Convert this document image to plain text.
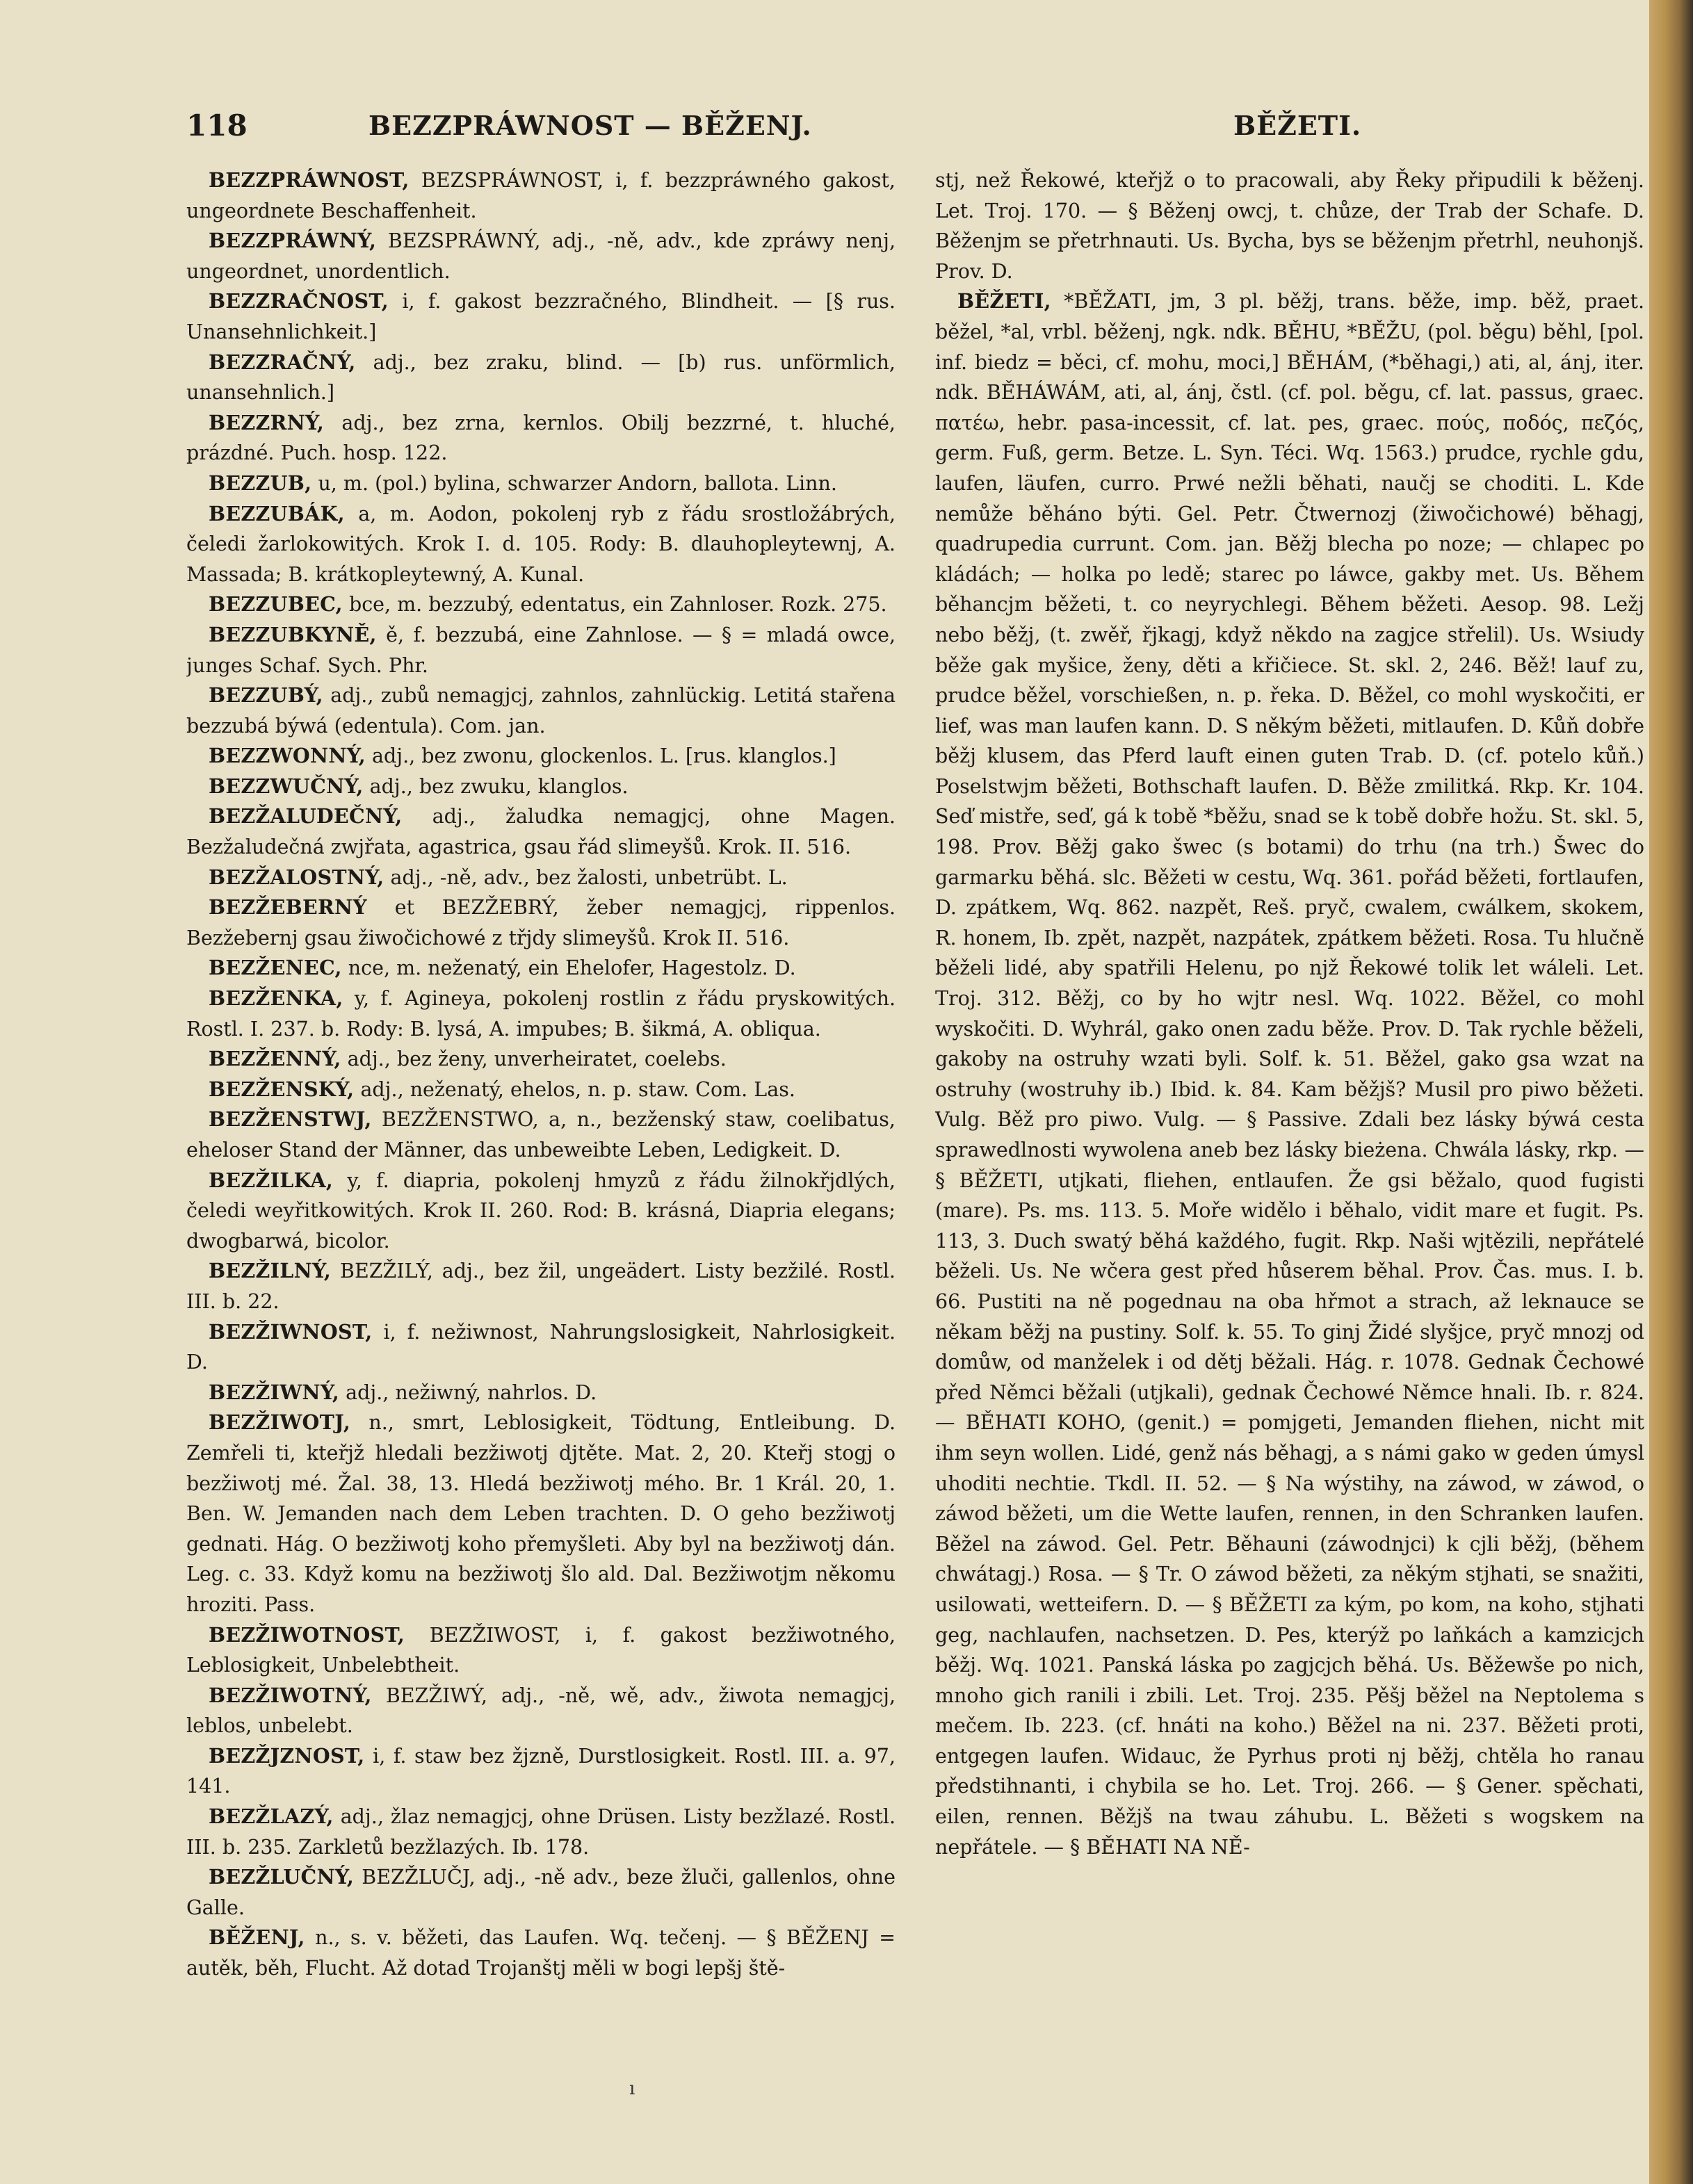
118	BEZZPRÁWNOST — BĚŽENJ.	BĚŽETI.

BEZZPRÁWNOST, BEZSPRÁWNOST, i, f. bezzpráwného gakost, ungeordnete Beschaffenheit.

BEZZPRÁWNÝ, BEZSPRÁWNÝ, adj., -ně, adv., kde zpráwy nenj, ungeordnet, unordentlich.

BEZZRAČNOST, i, f. gakost bezzračného, Blindheit. — [§ rus. Unansehnlichkeit.]

BEZZRAČNÝ, adj., bez zraku, blind. — [b) rus. unförmlich, unansehnlich.]

BEZZRNÝ, adj., bez zrna, kernlos. Obilj bezzrné, t. hluché, prázdné. Puch. hosp. 122.

BEZZUB, u, m. (pol.) bylina, schwarzer Andorn, ballota. Linn.

BEZZUBÁK, a, m. Aodon, pokolenj ryb z řádu srostložábrých, čeledi žarlokowitých. Krok I. d. 105. Rody: B. dlauhopleytewnj, A. Massada; B. krátkopleytewný, A. Kunal.

BEZZUBEC, bce, m. bezzubý, edentatus, ein Zahnloser. Rozk. 275.

BEZZUBKYNĚ, ě, f. bezzubá, eine Zahnlose. — § = mladá owce, junges Schaf. Sych. Phr.

BEZZUBÝ, adj., zubů nemagjcj, zahnlos, zahnlückig. Letitá stařena bezzubá býwá (edentula). Com. jan.

BEZZWONNÝ, adj., bez zwonu, glockenlos. L. [rus. klanglos.]

BEZZWUČNÝ, adj., bez zwuku, klanglos.

BEZŽALUDEČNÝ, adj., žaludka nemagjcj, ohne Magen. Bezžaludečná zwjřata, agastrica, gsau řád slimeyšů. Krok. II. 516.

BEZŽALOSTNÝ, adj., -ně, adv., bez žalosti, unbetrübt. L.

BEZŽEBERNÝ et BEZŽEBRÝ, žeber nemagjcj, rippenlos. Bezžebernj gsau žiwočichowé z třjdy slimeyšů. Krok II. 516.

BEZŽENEC, nce, m. neženatý, ein Ehelofer, Hagestolz. D.

BEZŽENKA, y, f. Agineya, pokolenj rostlin z řádu pryskowitých. Rostl. I. 237. b. Rody: B. lysá, A. impubes; B. šikmá, A. obliqua.

BEZŽENNÝ, adj., bez ženy, unverheiratet, coelebs.

BEZŽENSKÝ, adj., neženatý, ehelos, n. p. staw. Com. Las.

BEZŽENSTWJ, BEZŽENSTWO, a, n., bezženský staw, coelibatus, eheloser Stand der Männer, das unbeweibte Leben, Ledigkeit. D.

BEZŽILKA, y, f. diapria, pokolenj hmyzů z řádu žilnokřjdlých, čeledi weyřitkowitých. Krok II. 260. Rod: B. krásná, Diapria elegans; dwogbarwá, bicolor.

BEZŽILNÝ, BEZŽILÝ, adj., bez žil, ungeädert. Listy bezžilé. Rostl. III. b. 22.

BEZŽIWNOST, i, f. nežiwnost, Nahrungslosigkeit, Nahrlosigkeit. D.

BEZŽIWNÝ, adj., nežiwný, nahrlos. D.

BEZŽIWOTJ, n., smrt, Leblosigkeit, Tödtung, Entleibung. D. Zemřeli ti, kteřjž hledali bezžiwotj djtěte. Mat. 2, 20. Kteřj stogj o bezžiwotj mé. Žal. 38, 13. Hledá bezžiwotj mého. Br. 1 Král. 20, 1. Ben. W. Jemanden nach dem Leben trachten. D. O geho bezžiwotj gednati. Hág. O bezžiwotj koho přemyšleti. Aby byl na bezžiwotj dán. Leg. c. 33. Když komu na bezžiwotj šlo ald. Dal. Bezžiwotjm někomu hroziti. Pass.

BEZŽIWOTNOST, BEZŽIWOST, i, f. gakost bezžiwotného, Leblosigkeit, Unbelebtheit.

BEZŽIWOTNÝ, BEZŽIWÝ, adj., -ně, wě, adv., žiwota nemagjcj, leblos, unbelebt.

BEZŽJZNOST, i, f. staw bez žjzně, Durstlosigkeit. Rostl. III. a. 97, 141.

BEZŽLAZÝ, adj., žlaz nemagjcj, ohne Drüsen. Listy bezžlazé. Rostl. III. b. 235. Zarkletů bezžlazých. Ib. 178.

BEZŽLUČNÝ, BEZŽLUČJ, adj., -ně adv., beze žluči, gallenlos, ohne Galle.

BĚŽENJ, n., s. v. běžeti, das Laufen. Wq. tečenj. — § BĚŽENJ = autěk, běh, Flucht. Až dotad Trojanštj měli w bogi lepšj ště-

stj, než Řekowé, kteřjž o to pracowali, aby Řeky připudili k běženj. Let. Troj. 170. — § Běženj owcj, t. chůze, der Trab der Schafe. D. Běženjm se přetrhnauti. Us. Bycha, bys se běženjm přetrhl, neuhonjš. Prov. D.

BĚŽETI, *BĚŽATI, jm, 3 pl. běžj, trans. běže, imp. běž, praet. běžel, *al, vrbl. běženj, ngk. ndk. BĚHU, *BĚŽU, (pol. běgu) běhl, [pol. inf. biedz = běci, cf. mohu, moci,] BĚHÁM, (*běhagi,) ati, al, ánj, iter. ndk. BĚHÁWÁM, ati, al, ánj, čstl. (cf. pol. běgu, cf. lat. passus, graec. πατέω, hebr. pasa-incessit, cf. lat. pes, graec. πούς, ποδός, πεζός, germ. Fuß, germ. Betze. L. Syn. Téci. Wq. 1563.) prudce, rychle gdu, laufen, läufen, curro. Prwé nežli běhati, naučj se choditi. L. Kde nemůže běháno býti. Gel. Petr. Čtwernozj (žiwočichowé) běhagj, quadrupedia currunt. Com. jan. Běžj blecha po noze; — chlapec po kládách; — holka po ledě; starec po láwce, gakby met. Us. Během běhancjm běžeti, t. co neyrychlegi. Během běžeti. Aesop. 98. Ležj nebo běžj, (t. zwěř, řjkagj, když někdo na zagjce střelil). Us. Wsiudy běže gak myšice, ženy, děti a křičiece. St. skl. 2, 246. Běž! lauf zu, prudce běžel, vorschießen, n. p. řeka. D. Běžel, co mohl wyskočiti, er lief, was man laufen kann. D. S někým běžeti, mitlaufen. D. Kůň dobře běžj klusem, das Pferd lauft einen guten Trab. D. (cf. potelo kůň.) Poselstwjm běžeti, Bothschaft laufen. D. Běže zmilitká. Rkp. Kr. 104. Seď mistře, seď, gá k tobě *běžu, snad se k tobě dobře hožu. St. skl. 5, 198. Prov. Běžj gako šwec (s botami) do trhu (na trh.) Šwec do garmarku běhá. slc. Běžeti w cestu, Wq. 361. pořád běžeti, fortlaufen, D. zpátkem, Wq. 862. nazpět, Reš. pryč, cwalem, cwálkem, skokem, R. honem, Ib. zpět, nazpět, nazpátek, zpátkem běžeti. Rosa. Tu hlučně běželi lidé, aby spatřili Helenu, po njž Řekowé tolik let wáleli. Let. Troj. 312. Běžj, co by ho wjtr nesl. Wq. 1022. Běžel, co mohl wyskočiti. D. Wyhrál, gako onen zadu běže. Prov. D. Tak rychle běželi, gakoby na ostruhy wzati byli. Solf. k. 51. Běžel, gako gsa wzat na ostruhy (wostruhy ib.) Ibid. k. 84. Kam běžjš? Musil pro piwo běžeti. Vulg. Běž pro piwo. Vulg. — § Passive. Zdali bez lásky býwá cesta sprawedlnosti wywolena aneb bez lásky bieżena. Chwála lásky, rkp. — § BĚŽETI, utjkati, fliehen, entlaufen. Že gsi běžalo, quod fugisti (mare). Ps. ms. 113. 5. Moře widělo i běhalo, vidit mare et fugit. Ps. 113, 3. Duch swatý běhá každého, fugit. Rkp. Naši wjtězili, nepřátelé běželi. Us. Ne wčera gest před hůserem běhal. Prov. Čas. mus. I. b. 66. Pustiti na ně pogednau na oba hřmot a strach, až leknauce se někam běžj na pustiny. Solf. k. 55. To ginj Židé slyšjce, pryč mnozj od domůw, od manželek i od dětj běžali. Hág. r. 1078. Gednak Čechowé před Němci běžali (utjkali), gednak Čechowé Němce hnali. Ib. r. 824. — BĚHATI KOHO, (genit.) = pomjgeti, Jemanden fliehen, nicht mit ihm seyn wollen. Lidé, genž nás běhagj, a s námi gako w geden úmysl uhoditi nechtie. Tkdl. II. 52. — § Na wýstihy, na záwod, w záwod, o záwod běžeti, um die Wette laufen, rennen, in den Schranken laufen. Běžel na záwod. Gel. Petr. Běhauni (záwodnjci) k cjli běžj, (během chwátagj.) Rosa. — § Tr. O záwod běžeti, za někým stjhati, se snažiti, usilowati, wetteifern. D. — § BĚŽETI za kým, po kom, na koho, stjhati geg, nachlaufen, nachsetzen. D. Pes, kterýž po laňkách a kamzicjch běžj. Wq. 1021. Panská láska po zagjcjch běhá. Us. Běžewše po nich, mnoho gich ranili i zbili. Let. Troj. 235. Pěšj běžel na Neptolema s mečem. Ib. 223. (cf. hnáti na koho.) Běžel na ni. 237. Běžeti proti, entgegen laufen. Widauc, že Pyrhus proti nj běžj, chtěla ho ranau předstihnanti, i chybila se ho. Let. Troj. 266. — § Gener. spěchati, eilen, rennen. Běžjš na twau záhubu. L. Běžeti s wogskem na nepřátele. — § BĚHATI NA NĚ-

ı
